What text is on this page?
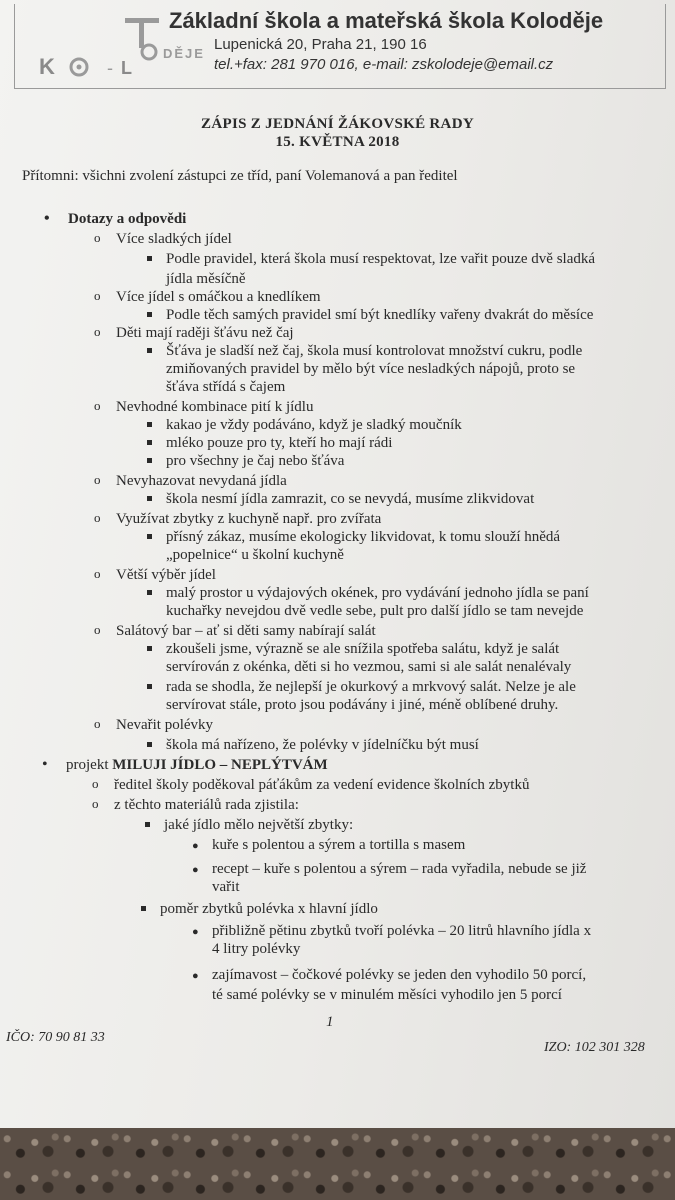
K	- L
DĚJE
Základní škola a mateřská škola Koloděje
Lupenická 20, Praha 21, 190 16
tel.+fax: 281 970 016, e-mail: zskolodeje@email.cz
ZÁPIS Z JEDNÁNÍ ŽÁKOVSKÉ RADY
15. KVĚTNA 2018
Přítomni: všichni zvolení zástupci ze tříd, paní Volemanová a pan ředitel
• Dotazy a odpovědi
o Více sladkých jídel
Podle pravidel, která škola musí respektovat, lze vařit pouze dvě sladká
jídla měsíčně
o Více jídel s omáčkou a knedlíkem
Podle těch samých pravidel smí být knedlíky vařeny dvakrát do měsíce
o Děti mají raději šťávu než čaj
Šťáva je sladší než čaj, škola musí kontrolovat množství cukru, podle
zmiňovaných pravidel by mělo být více nesladkých nápojů, proto se
šťáva střídá s čajem
o Nevhodné kombinace pití k jídlu
kakao je vždy podáváno, když je sladký moučník
mléko pouze pro ty, kteří ho mají rádi
pro všechny je čaj nebo šťáva
o Nevyhazovat nevydaná jídla
škola nesmí jídla zamrazit, co se nevydá, musíme zlikvidovat
o Využívat zbytky z kuchyně např. pro zvířata
přísný zákaz, musíme ekologicky likvidovat, k tomu slouží hnědá
„popelnice“ u školní kuchyně
o Větší výběr jídel
malý prostor u výdajových okének, pro vydávání jednoho jídla se paní
kuchařky nevejdou dvě vedle sebe, pult pro další jídlo se tam nevejde
o Salátový bar – ať si děti samy nabírají salát
zkoušeli jsme, výrazně se ale snížila spotřeba salátu, když je salát
servírován z okénka, děti si ho vezmou, sami si ale salát nenalévaly
rada se shodla, že nejlepší je okurkový a mrkvový salát. Nelze je ale
servírovat stále, proto jsou podávány i jiné, méně oblíbené druhy.
o Nevařit polévky
škola má nařízeno, že polévky v jídelníčku být musí
• projekt MILUJI JÍDLO – NEPLÝTVÁM
o ředitel školy poděkoval páťákům za vedení evidence školních zbytků
o z těchto materiálů rada zjistila:
jaké jídlo mělo největší zbytky:
● kuře s polentou a sýrem a tortilla s masem
● recept – kuře s polentou a sýrem – rada vyřadila, nebude se již
vařit
poměr zbytků polévka x hlavní jídlo
● přibližně pětinu zbytků tvoří polévka – 20 litrů hlavního jídla x
4 litry polévky
● zajímavost – čočkové polévky se jeden den vyhodilo 50 porcí,
té samé polévky se v minulém měsíci vyhodilo jen 5 porcí
1
IČO: 70 90 81 33
IZO: 102 301 328
